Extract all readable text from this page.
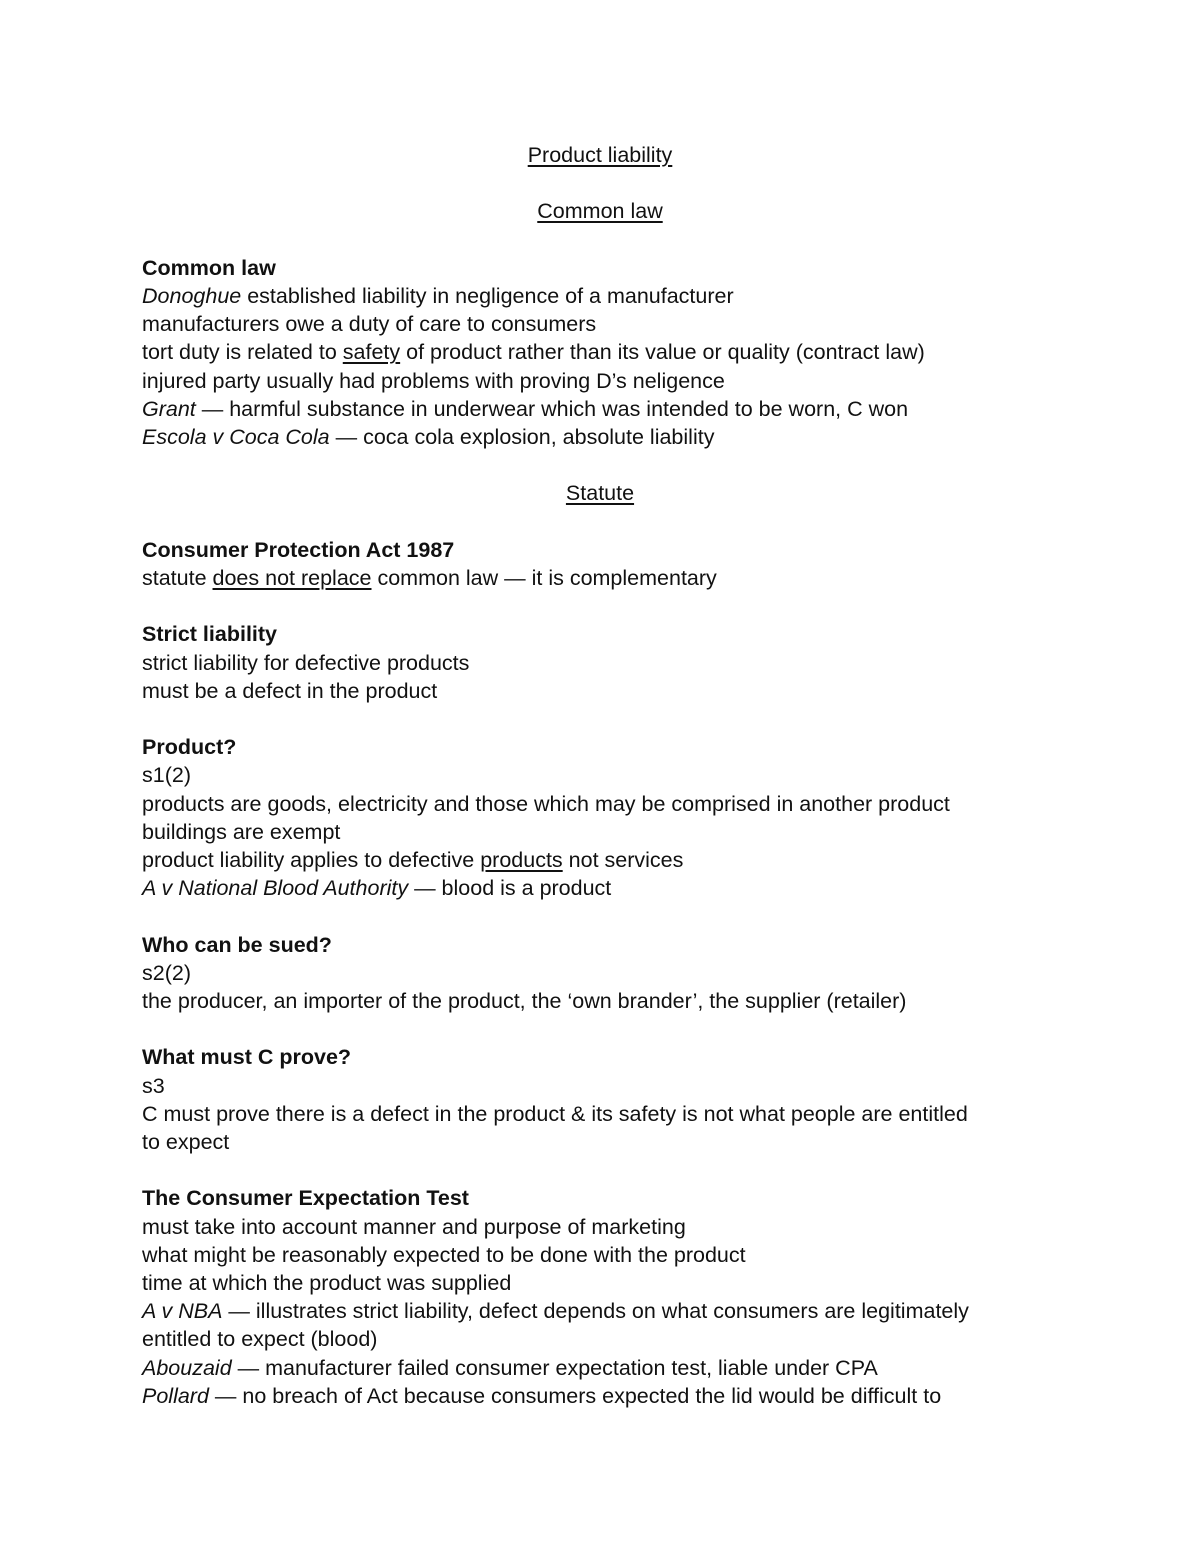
Product liability

Common law

Common law

Donoghue established liability in negligence of a manufacturer

manufacturers owe a duty of care to consumers

tort duty is related to safety of product rather than its value or quality (contract law)

injured party usually had problems with proving D’s neligence

Grant — harmful substance in underwear which was intended to be worn, C won

Escola v Coca Cola — coca cola explosion, absolute liability

Statute

Consumer Protection Act 1987

statute does not replace common law — it is complementary

Strict liability

strict liability for defective products

must be a defect in the product

Product?

s1(2)

products are goods, electricity and those which may be comprised in another product

buildings are exempt

product liability applies to defective products not services

A v National Blood Authority — blood is a product

Who can be sued?

s2(2)

the producer, an importer of the product, the ‘own brander’, the supplier (retailer)

What must C prove?

s3

C must prove there is a defect in the product & its safety is not what people are entitled

to expect

The Consumer Expectation Test

must take into account manner and purpose of marketing

what might be reasonably expected to be done with the product

time at which the product was supplied

A v NBA — illustrates strict liability, defect depends on what consumers are legitimately

entitled to expect (blood)

Abouzaid — manufacturer failed consumer expectation test, liable under CPA

Pollard — no breach of Act because consumers expected the lid would be difficult to
